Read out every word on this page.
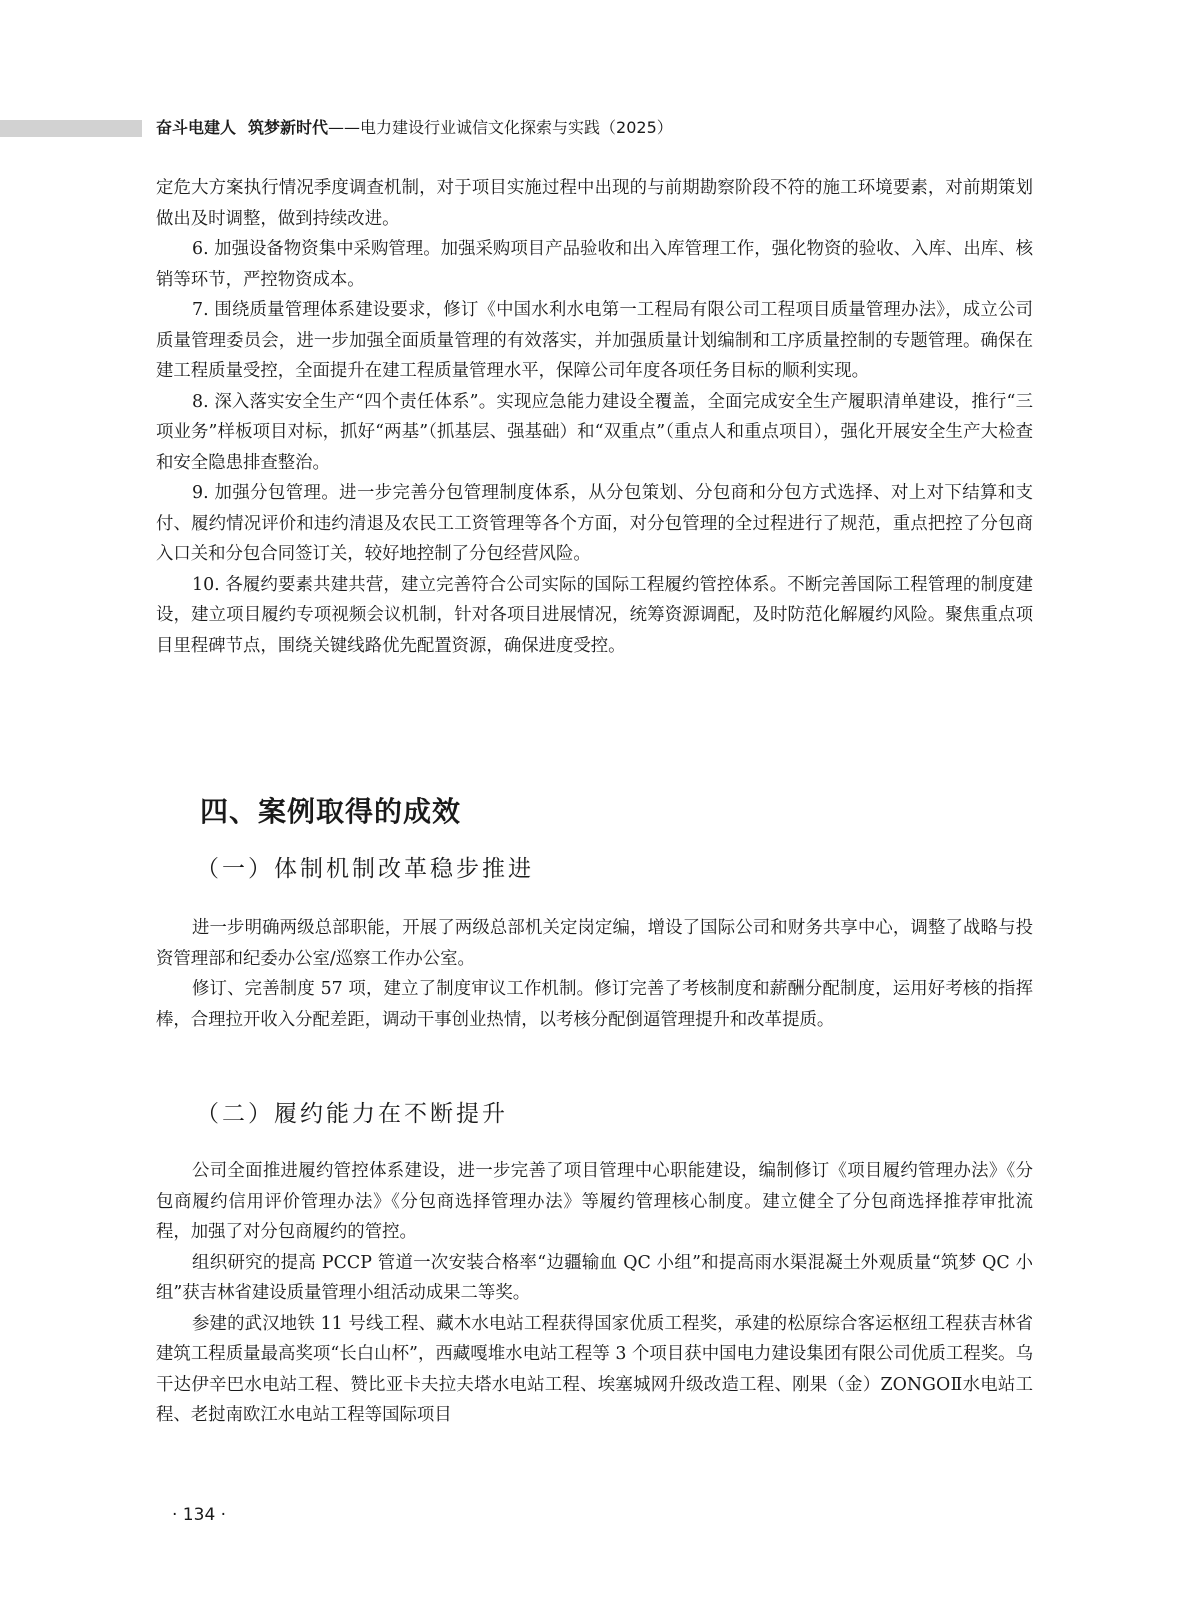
奋斗电建人 筑梦新时代——电力建设行业诚信文化探索与实践（2025）

定危大方案执行情况季度调查机制，对于项目实施过程中出现的与前期勘察阶段不符的施工环境要素，对前期策划做出及时调整，做到持续改进。

6. 加强设备物资集中采购管理。加强采购项目产品验收和出入库管理工作，强化物资的验收、入库、出库、核销等环节，严控物资成本。

7. 围绕质量管理体系建设要求，修订《中国水利水电第一工程局有限公司工程项目质量管理办法》，成立公司质量管理委员会，进一步加强全面质量管理的有效落实，并加强质量计划编制和工序质量控制的专题管理。确保在建工程质量受控，全面提升在建工程质量管理水平，保障公司年度各项任务目标的顺利实现。

8. 深入落实安全生产“四个责任体系”。实现应急能力建设全覆盖，全面完成安全生产履职清单建设，推行“三项业务”样板项目对标，抓好“两基”（抓基层、强基础）和“双重点”（重点人和重点项目），强化开展安全生产大检查和安全隐患排查整治。

9. 加强分包管理。进一步完善分包管理制度体系，从分包策划、分包商和分包方式选择、对上对下结算和支付、履约情况评价和违约清退及农民工工资管理等各个方面，对分包管理的全过程进行了规范，重点把控了分包商入口关和分包合同签订关，较好地控制了分包经营风险。

10. 各履约要素共建共营，建立完善符合公司实际的国际工程履约管控体系。不断完善国际工程管理的制度建设，建立项目履约专项视频会议机制，针对各项目进展情况，统筹资源调配，及时防范化解履约风险。聚焦重点项目里程碑节点，围绕关键线路优先配置资源，确保进度受控。

四、案例取得的成效
（一）体制机制改革稳步推进

进一步明确两级总部职能，开展了两级总部机关定岗定编，增设了国际公司和财务共享中心，调整了战略与投资管理部和纪委办公室/巡察工作办公室。

修订、完善制度 57 项，建立了制度审议工作机制。修订完善了考核制度和薪酬分配制度，运用好考核的指挥棒，合理拉开收入分配差距，调动干事创业热情，以考核分配倒逼管理提升和改革提质。

（二）履约能力在不断提升

公司全面推进履约管控体系建设，进一步完善了项目管理中心职能建设，编制修订《项目履约管理办法》《分包商履约信用评价管理办法》《分包商选择管理办法》等履约管理核心制度。建立健全了分包商选择推荐审批流程，加强了对分包商履约的管控。

组织研究的提高 PCCP 管道一次安装合格率“边疆输血 QC 小组”和提高雨水渠混凝土外观质量“筑梦 QC 小组”获吉林省建设质量管理小组活动成果二等奖。

参建的武汉地铁 11 号线工程、藏木水电站工程获得国家优质工程奖，承建的松原综合客运枢纽工程获吉林省建筑工程质量最高奖项“长白山杯”，西藏嘎堆水电站工程等 3 个项目获中国电力建设集团有限公司优质工程奖。乌干达伊辛巴水电站工程、赞比亚卡夫拉夫塔水电站工程、埃塞城网升级改造工程、刚果（金）ZONGOⅡ水电站工程、老挝南欧江水电站工程等国际项目

· 134 ·
